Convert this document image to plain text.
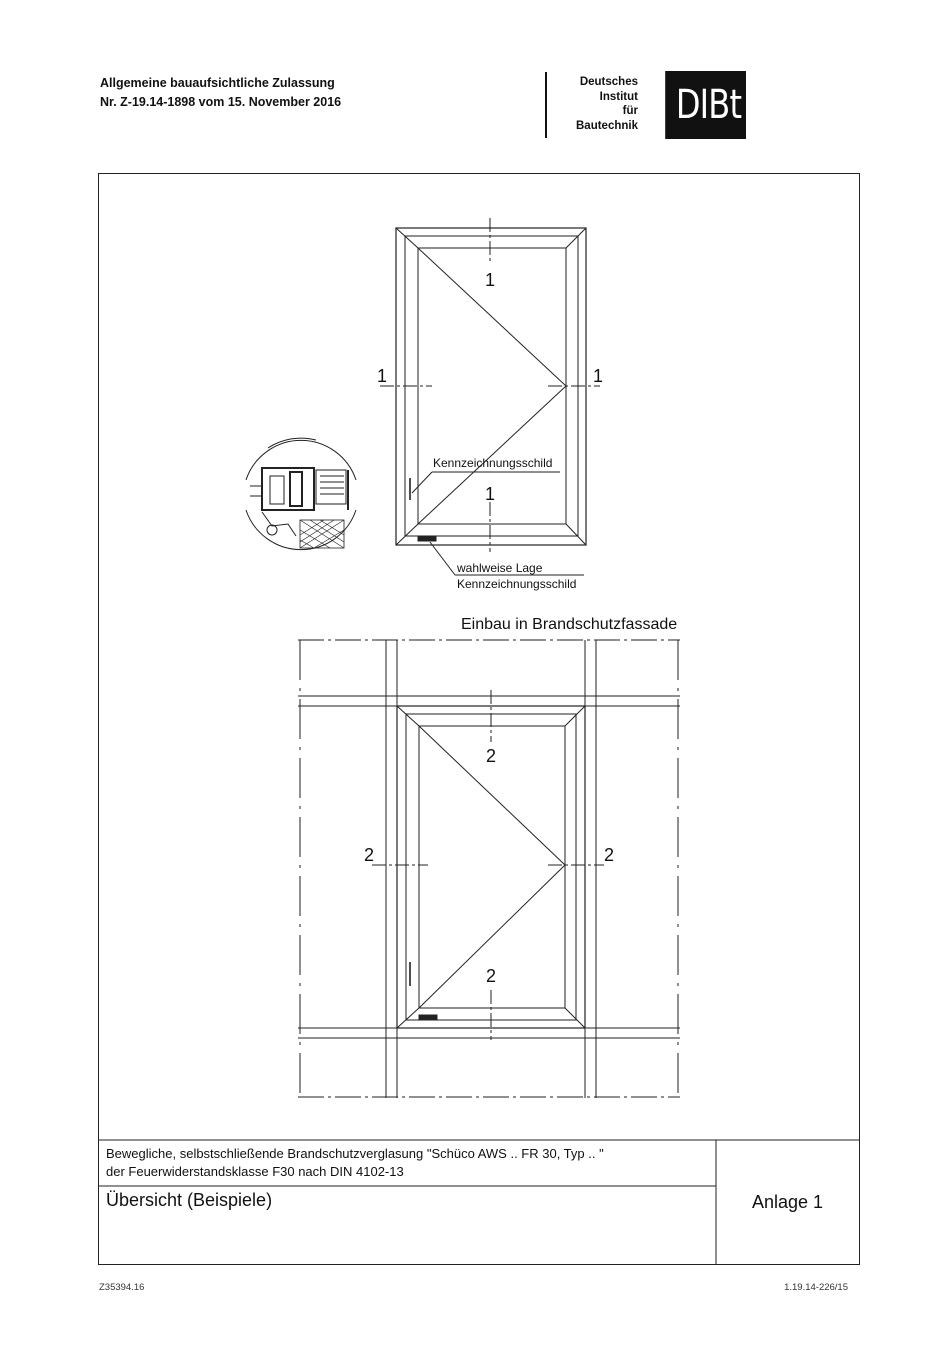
Allgemeine bauaufsichtliche Zulassung
Nr. Z-19.14-1898 vom 15. November 2016
Deutsches
Institut
für
Bautechnik DIBt
1
1	1
1
Kennzeichnungsschild
wahlweise Lage
Kennzeichnungsschild
Einbau in Brandschutzfassade
2
2	2
2
Bewegliche, selbstschließende Brandschutzverglasung "Schüco AWS .. FR 30, Typ .. "
der Feuerwiderstandsklasse F30 nach DIN 4102-13
Übersicht (Beispiele)	Anlage 1
Z35394.16	1.19.14-226/15
